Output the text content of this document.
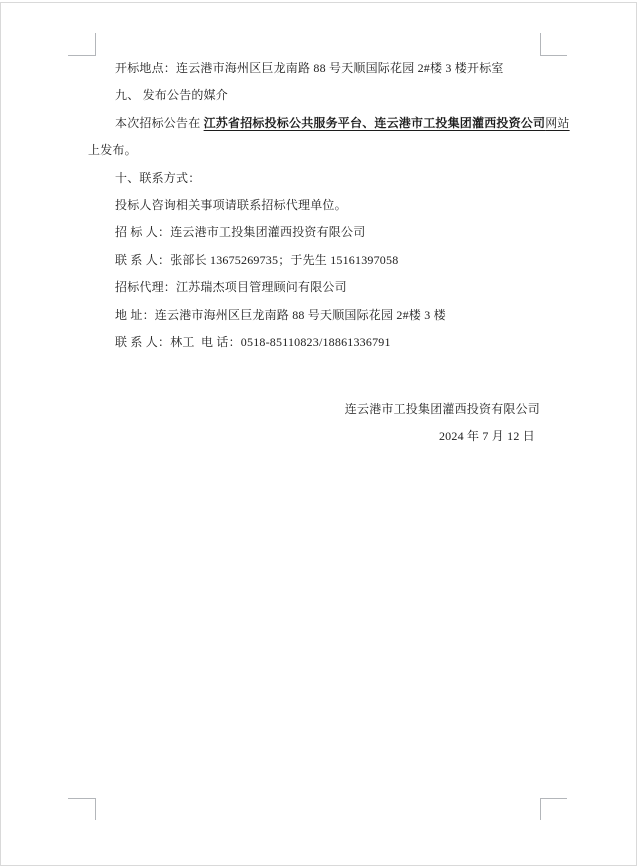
开标地点：连云港市海州区巨龙南路 88 号天顺国际花园 2#楼 3 楼开标室
九、 发布公告的媒介
本次招标公告在 江苏省招标投标公共服务平台、连云港市工投集团灌西投资公司网站
上发布。
十、联系方式：
投标人咨询相关事项请联系招标代理单位。
招 标 人：连云港市工投集团灌西投资有限公司
联 系 人：张部长 13675269735；于先生 15161397058
招标代理：江苏瑞杰项目管理顾问有限公司
地 址：连云港市海州区巨龙南路 88 号天顺国际花园 2#楼 3 楼
联 系 人：林工  电 话：0518-85110823/18861336791
连云港市工投集团灌西投资有限公司
2024 年 7 月 12 日
